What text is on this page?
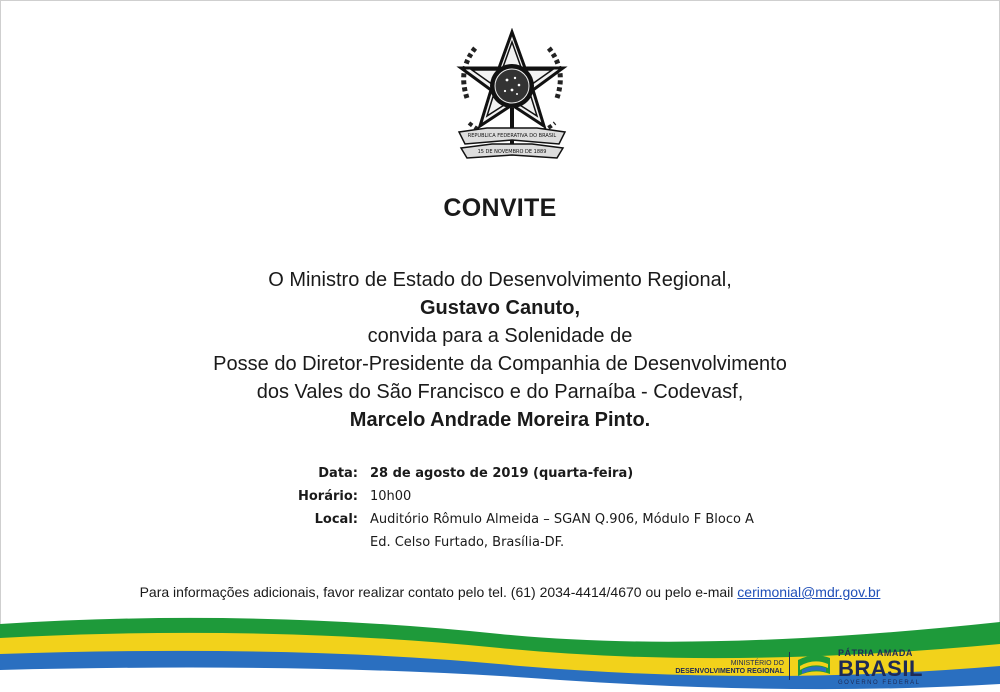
REPUBLICA FEDERATIVA DO BRASIL
15 DE NOVEMBRO DE 1889
CONVITE
O Ministro de Estado do Desenvolvimento Regional,
Gustavo Canuto,
convida para a Solenidade de
Posse do Diretor-Presidente da Companhia de Desenvolvimento
dos Vales do São Francisco e do Parnaíba - Codevasf,
Marcelo Andrade Moreira Pinto.
Data: 28 de agosto de 2019 (quarta-feira)
Horário: 10h00
Local: Auditório Rômulo Almeida – SGAN Q.906, Módulo F Bloco A
Ed. Celso Furtado, Brasília-DF.
Para informações adicionais, favor realizar contato pelo tel. (61) 2034-4414/4670 ou pelo e-mail cerimonial@mdr.gov.br
MINISTÉRIO DO
DESENVOLVIMENTO REGIONAL
PÁTRIA AMADA
BRASIL
GOVERNO FEDERAL
